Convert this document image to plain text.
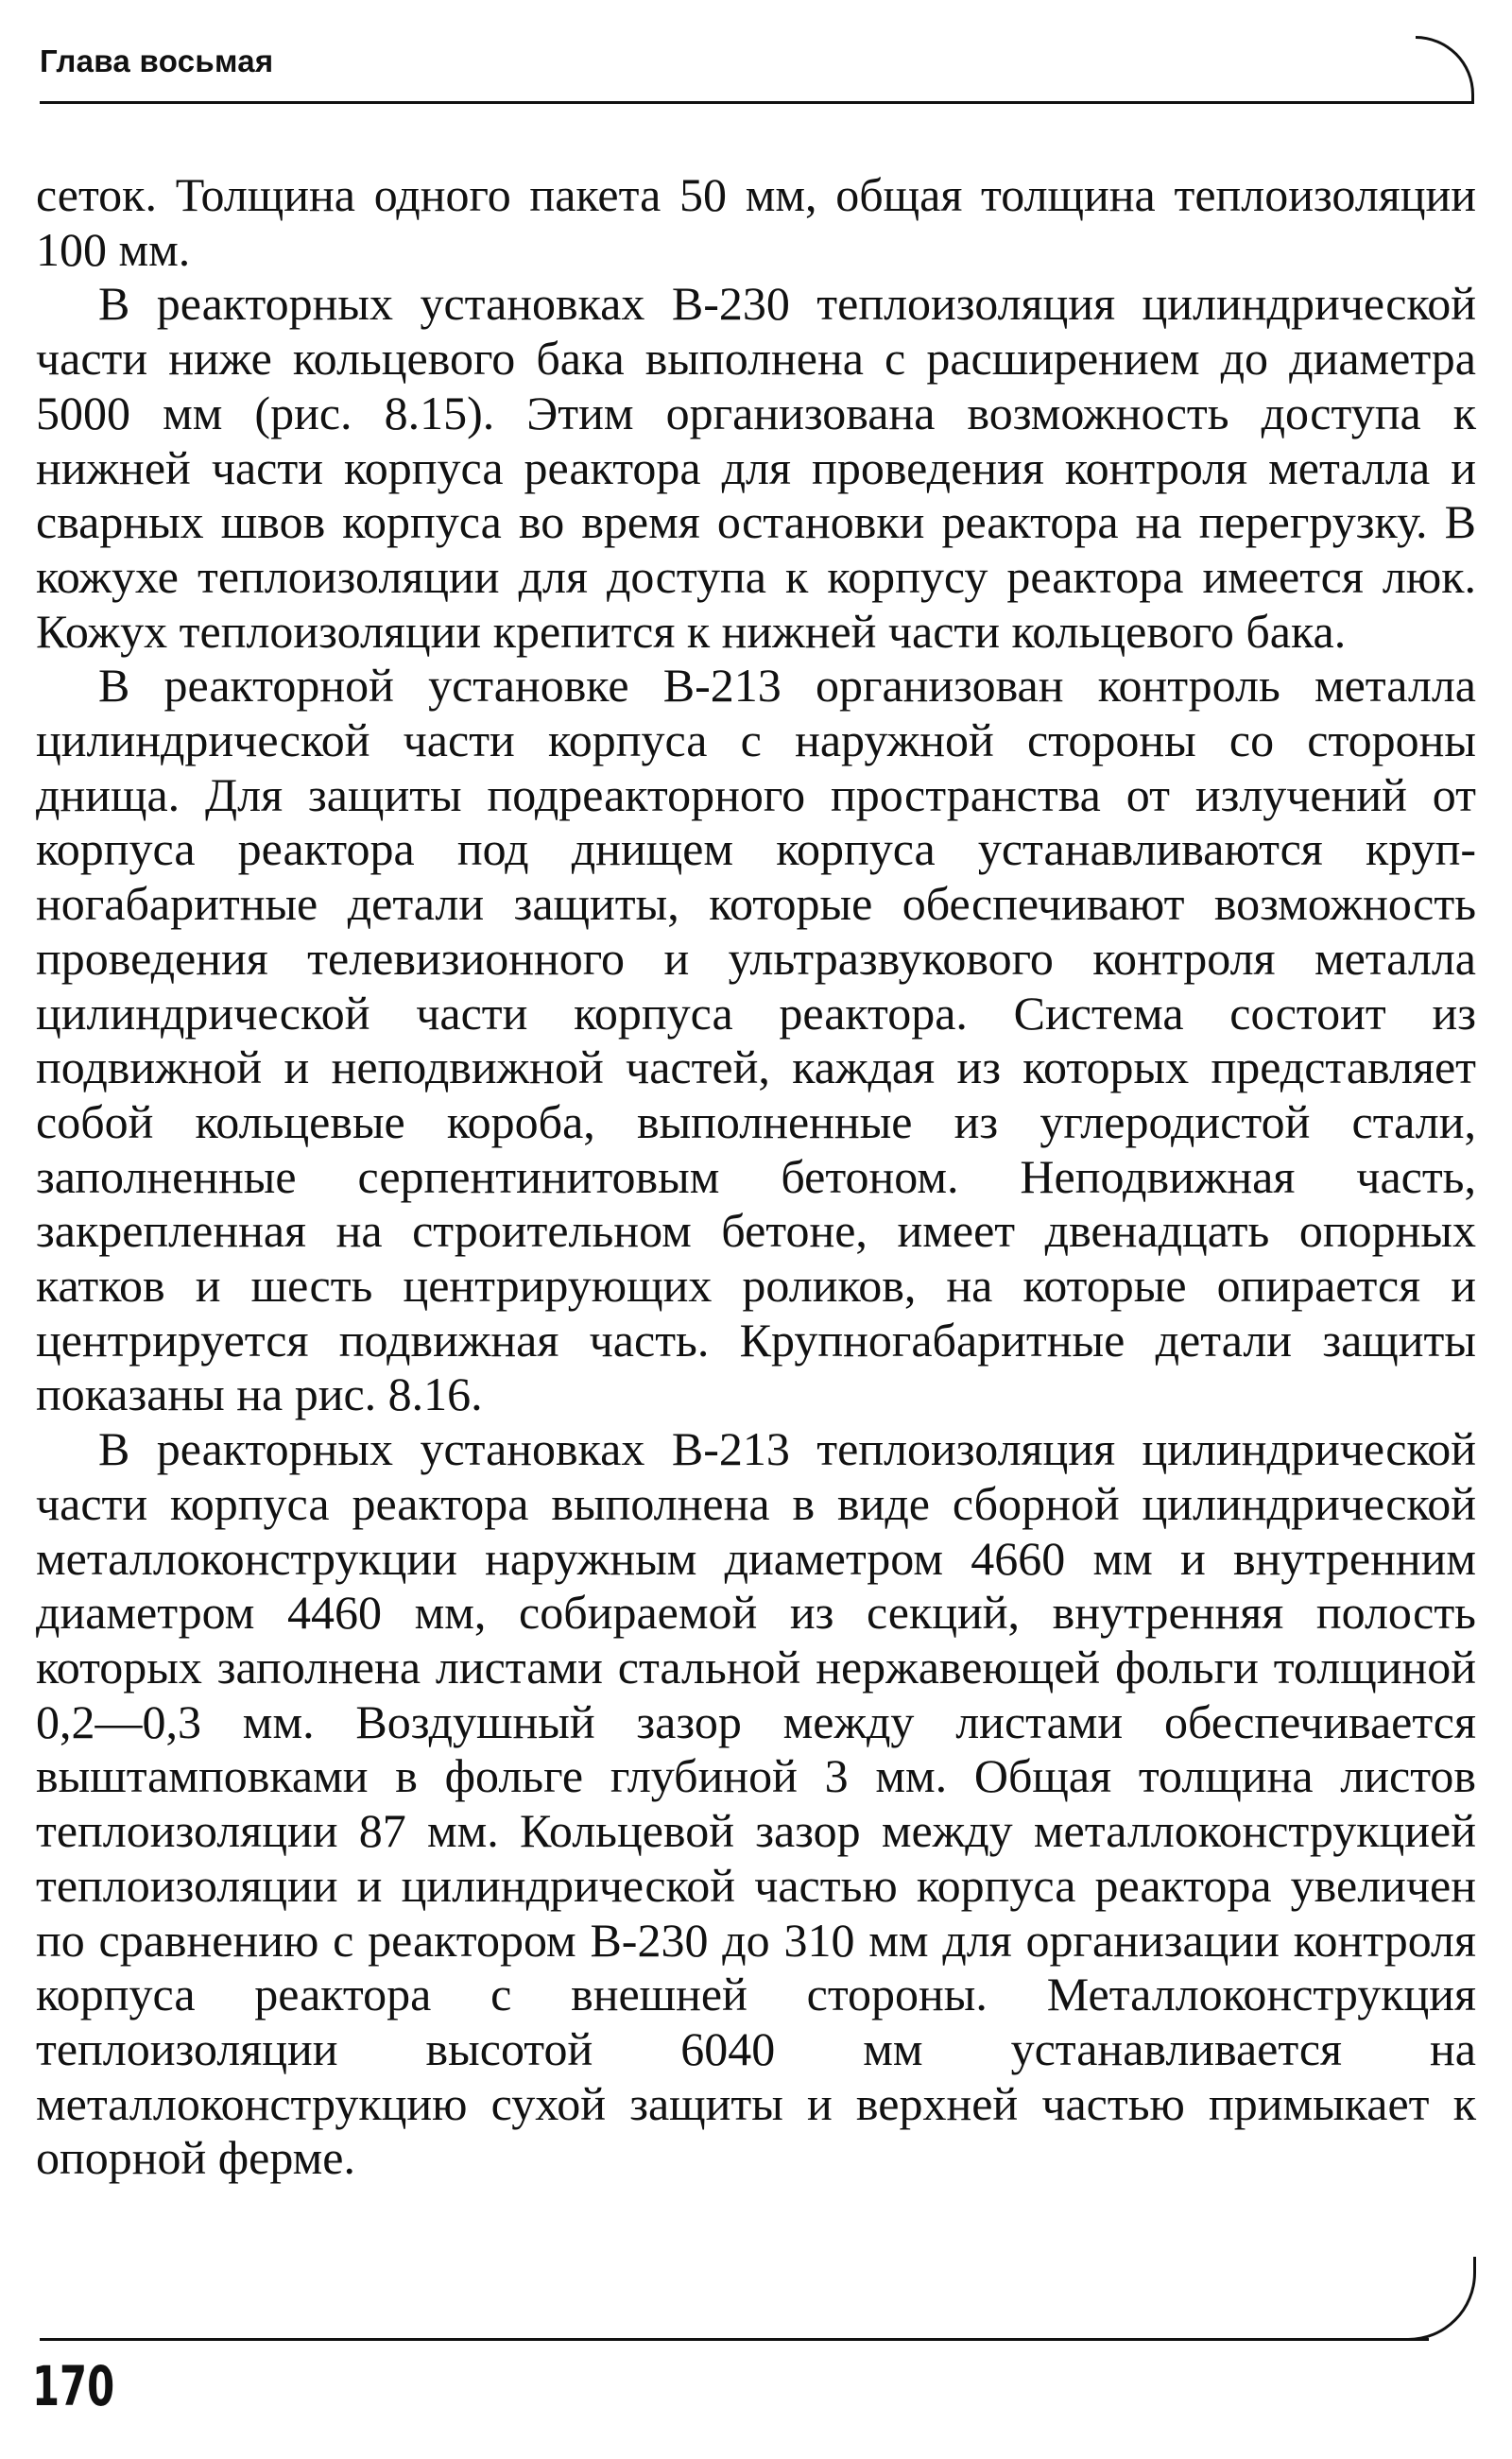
Глава восьмая

сеток. Толщина одного пакета 50 мм, общая толщина теплоизоляции 100 мм.

В реакторных установках В-230 теплоизоляция цилиндрической части ниже кольцевого бака выполнена с расширением до диаметра 5000 мм (рис. 8.15). Этим организована возможность доступа к нижней части корпуса реактора для проведения контроля металла и сварных швов корпуса во время остановки реактора на перегрузку. В кожухе теплоизоляции для доступа к корпусу реактора имеется люк. Кожух теплоизоляции крепится к нижней части кольцевого бака.

В реакторной установке В-213 организован контроль металла цилиндрической части корпуса с наружной стороны со стороны днища. Для защиты подреакторного пространства от излучений от корпуса реактора под днищем корпуса устанавливаются крупногабаритные детали защиты, которые обеспечивают возможность проведения телевизионного и ультразвукового контроля металла цилиндрической части корпуса реактора. Система состоит из подвижной и неподвижной частей, каждая из которых представляет собой кольцевые короба, выполненные из углеродистой стали, заполненные серпентинитовым бетоном. Неподвижная часть, закрепленная на строительном бетоне, имеет двенадцать опорных катков и шесть центрирующих роликов, на которые опирается и центрируется подвижная часть. Крупногабаритные детали защиты показаны на рис. 8.16.

В реакторных установках В-213 теплоизоляция цилиндрической части корпуса реактора выполнена в виде сборной цилиндрической металлоконструкции наружным диаметром 4660 мм и внутренним диаметром 4460 мм, собираемой из секций, внутренняя полость которых заполнена листами стальной нержавеющей фольги толщиной 0,2—0,3 мм. Воздушный зазор между листами обеспечивается выштамповками в фольге глубиной 3 мм. Общая толщина листов теплоизоляции 87 мм. Кольцевой зазор между металлоконструкцией теплоизоляции и цилиндрической частью корпуса реактора увеличен по сравнению с реактором В-230 до 310 мм для организации контроля корпуса реактора с внешней стороны. Металлоконструкция теплоизоляции высотой 6040 мм устанавливается на металлоконструкцию сухой защиты и верхней частью примыкает к опорной ферме.

170
